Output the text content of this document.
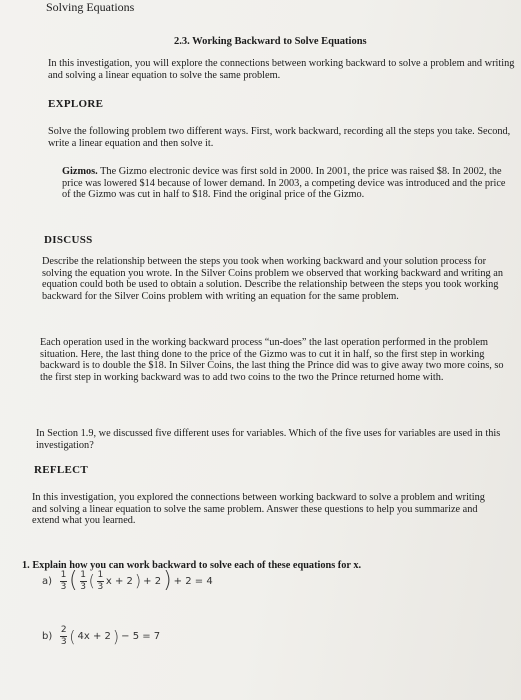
Solving Equations
2.3. Working Backward to Solve Equations

In this investigation, you will explore the connections between working backward to solve a problem and writing and solving a linear equation to solve the same problem.

EXPLORE

Solve the following problem two different ways. First, work backward, recording all the steps you take. Second, write a linear equation and then solve it.

Gizmos. The Gizmo electronic device was first sold in 2000. In 2001, the price was raised $8. In 2002, the price was lowered $14 because of lower demand. In 2003, a competing device was introduced and the price of the Gizmo was cut in half to $18. Find the original price of the Gizmo.

DISCUSS

Describe the relationship between the steps you took when working backward and your solution process for solving the equation you wrote. In the Silver Coins problem we observed that working backward and writing an equation could both be used to obtain a solution. Describe the relationship between the steps you took working backward for the Silver Coins problem with writing an equation for the same problem.

Each operation used in the working backward process “un-does” the last operation performed in the problem situation. Here, the last thing done to the price of the Gizmo was to cut it in half, so the first step in working backward is to double the $18. In Silver Coins, the last thing the Prince did was to give away two more coins, so the first step in working backward was to add two coins to the two the Prince returned home with.

In Section 1.9, we discussed five different uses for variables. Which of the five uses for variables are used in this investigation?

REFLECT

In this investigation, you explored the connections between working backward to solve a problem and writing and solving a linear equation to solve the same problem. Answer these questions to help you summarize and extend what you learned.

1. Explain how you can work backward to solve each of these equations for x.
$a) \frac{1}{3}$ ( $\frac{1}{3}$ ( $\frac{1}{3}$ x + 2 ) + 2 ) + 2 = 4
$b) \frac{2}{3}$ ( 4x + 2 ) − 5 = 7
